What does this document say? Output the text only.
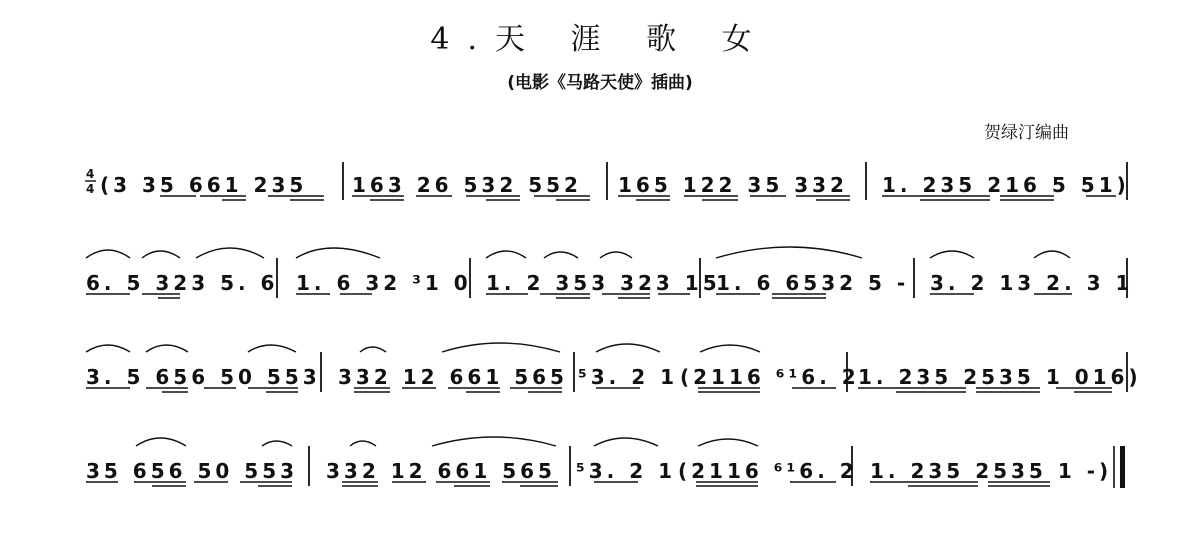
4.天 涯 歌 女
(电影《马路天使》插曲)
贺绿汀编曲
4
4 (3 35 661 235 163 26 532 552 165 122 35 332 1. 235 216 5 51)
6. 5 323 5. 6 1. 6 32 ³1 0 1. 2 353 323 15
1. 6 6532 5 - 3. 2 13 2. 3 1
3. 5 656 50 553 332 12 661 565 ⁵3. 2 1 (2116 ⁶¹6. 2
1. 235 2535 1 016)
35 656 50 553 332 12 661 565 ⁵3. 2 1 (2116 ⁶¹6. 2 1. 235 2535 1 -)
